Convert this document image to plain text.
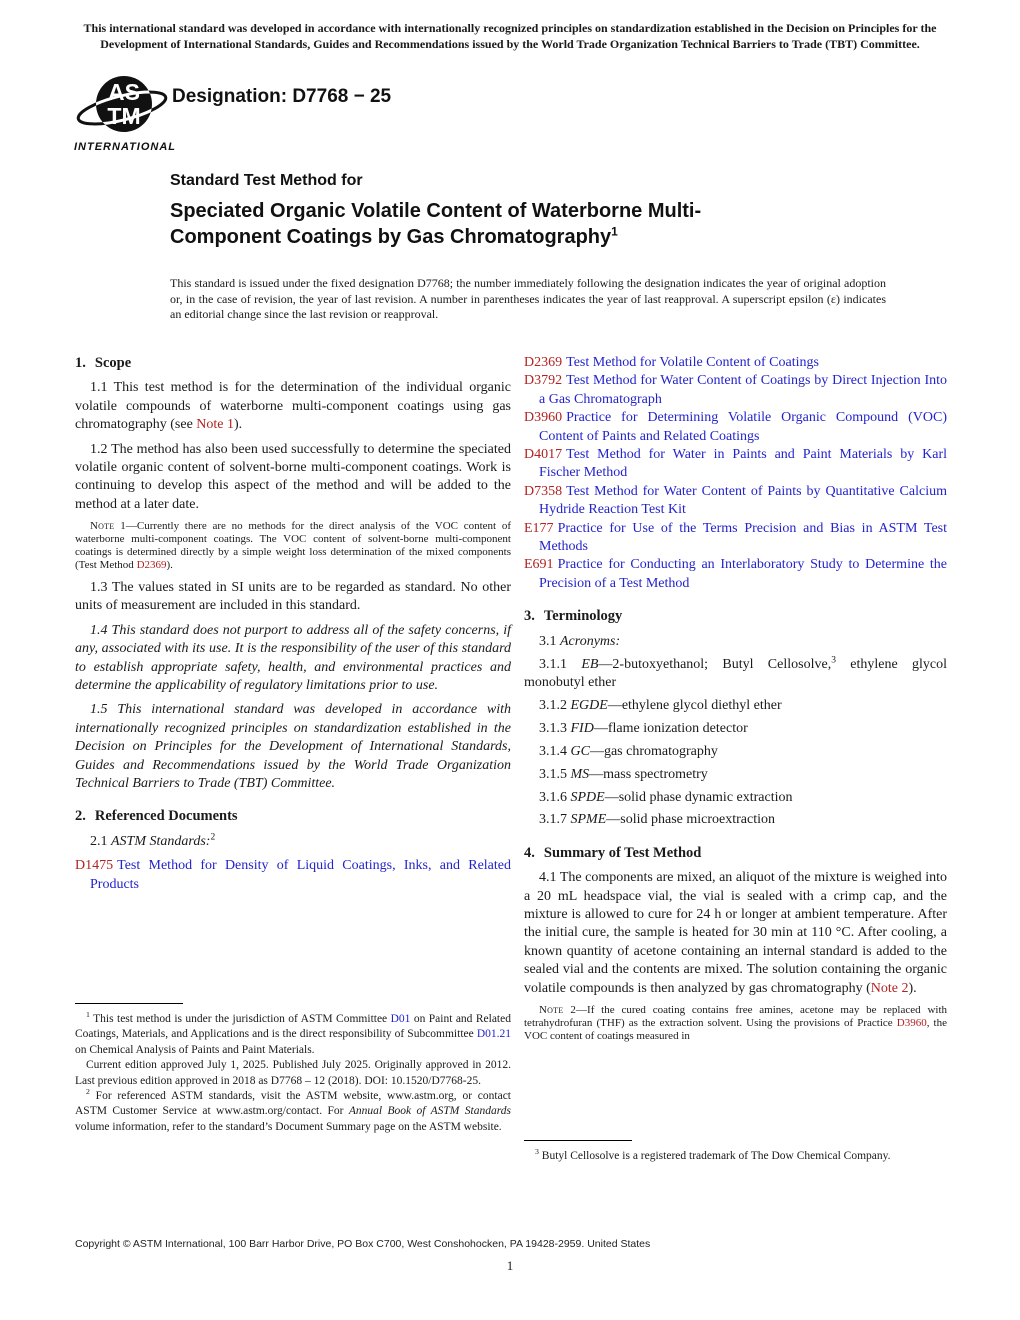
This international standard was developed in accordance with internationally recognized principles on standardization established in the Decision on Principles for the Development of International Standards, Guides and Recommendations issued by the World Trade Organization Technical Barriers to Trade (TBT) Committee.
AS
TM
INTERNATIONAL
Designation: D7768 − 25
Standard Test Method for
Speciated Organic Volatile Content of Waterborne Multi-
Component Coatings by Gas Chromatography$^1$
This standard is issued under the fixed designation D7768; the number immediately following the designation indicates the year of original adoption or, in the case of revision, the year of last revision. A number in parentheses indicates the year of last reapproval. A superscript epsilon (ε) indicates an editorial change since the last revision or reapproval.
1. Scope

1.1 This test method is for the determination of the individual organic volatile compounds of waterborne multi-component coatings using gas chromatography (see Note 1).

1.2 The method has also been used successfully to determine the speciated volatile organic content of solvent-borne multi-component coatings. Work is continuing to develop this aspect of the method and will be added to the method at a later date.

Note 1—Currently there are no methods for the direct analysis of the VOC content of waterborne multi-component coatings. The VOC content of solvent-borne multi-component coatings is determined directly by a simple weight loss determination of the mixed components (Test Method D2369).

1.3 The values stated in SI units are to be regarded as standard. No other units of measurement are included in this standard.

1.4 This standard does not purport to address all of the safety concerns, if any, associated with its use. It is the responsibility of the user of this standard to establish appropriate safety, health, and environmental practices and determine the applicability of regulatory limitations prior to use.

1.5 This international standard was developed in accordance with internationally recognized principles on standardization established in the Decision on Principles for the Development of International Standards, Guides and Recommendations issued by the World Trade Organization Technical Barriers to Trade (TBT) Committee.

2. Referenced Documents

2.1 ASTM Standards:$^2$

D1475 Test Method for Density of Liquid Coatings, Inks, and Related Products

D2369 Test Method for Volatile Content of Coatings

D3792 Test Method for Water Content of Coatings by Direct Injection Into a Gas Chromatograph

D3960 Practice for Determining Volatile Organic Compound (VOC) Content of Paints and Related Coatings

D4017 Test Method for Water in Paints and Paint Materials by Karl Fischer Method

D7358 Test Method for Water Content of Paints by Quantitative Calcium Hydride Reaction Test Kit

E177 Practice for Use of the Terms Precision and Bias in ASTM Test Methods

E691 Practice for Conducting an Interlaboratory Study to Determine the Precision of a Test Method

3. Terminology

3.1 Acronyms:

3.1.1 EB—2-butoxyethanol; Butyl Cellosolve,$^3$ ethylene glycol monobutyl ether

3.1.2 EGDE—ethylene glycol diethyl ether

3.1.3 FID—flame ionization detector

3.1.4 GC—gas chromatography

3.1.5 MS—mass spectrometry

3.1.6 SPDE—solid phase dynamic extraction

3.1.7 SPME—solid phase microextraction

4. Summary of Test Method

4.1 The components are mixed, an aliquot of the mixture is weighed into a 20 mL headspace vial, the vial is sealed with a crimp cap, and the mixture is allowed to cure for 24 h or longer at ambient temperature. After the initial cure, the sample is heated for 30 min at 110 °C. After cooling, a known quantity of acetone containing an internal standard is added to the sealed vial and the contents are mixed. The solution containing the organic volatile compounds is then analyzed by gas chromatography (Note 2).

Note 2—If the cured coating contains free amines, acetone may be replaced with tetrahydrofuran (THF) as the extraction solvent. Using the provisions of Practice D3960, the VOC content of coatings measured in

$^1$ This test method is under the jurisdiction of ASTM Committee D01 on Paint and Related Coatings, Materials, and Applications and is the direct responsibility of Subcommittee D01.21 on Chemical Analysis of Paints and Paint Materials.

Current edition approved July 1, 2025. Published July 2025. Originally approved in 2012. Last previous edition approved in 2018 as D7768 – 12 (2018). DOI: 10.1520/D7768-25.

$^2$ For referenced ASTM standards, visit the ASTM website, www.astm.org, or contact ASTM Customer Service at www.astm.org/contact. For Annual Book of ASTM Standards volume information, refer to the standard’s Document Summary page on the ASTM website.

$^3$ Butyl Cellosolve is a registered trademark of The Dow Chemical Company.

Copyright © ASTM International, 100 Barr Harbor Drive, PO Box C700, West Conshohocken, PA 19428-2959. United States
1
